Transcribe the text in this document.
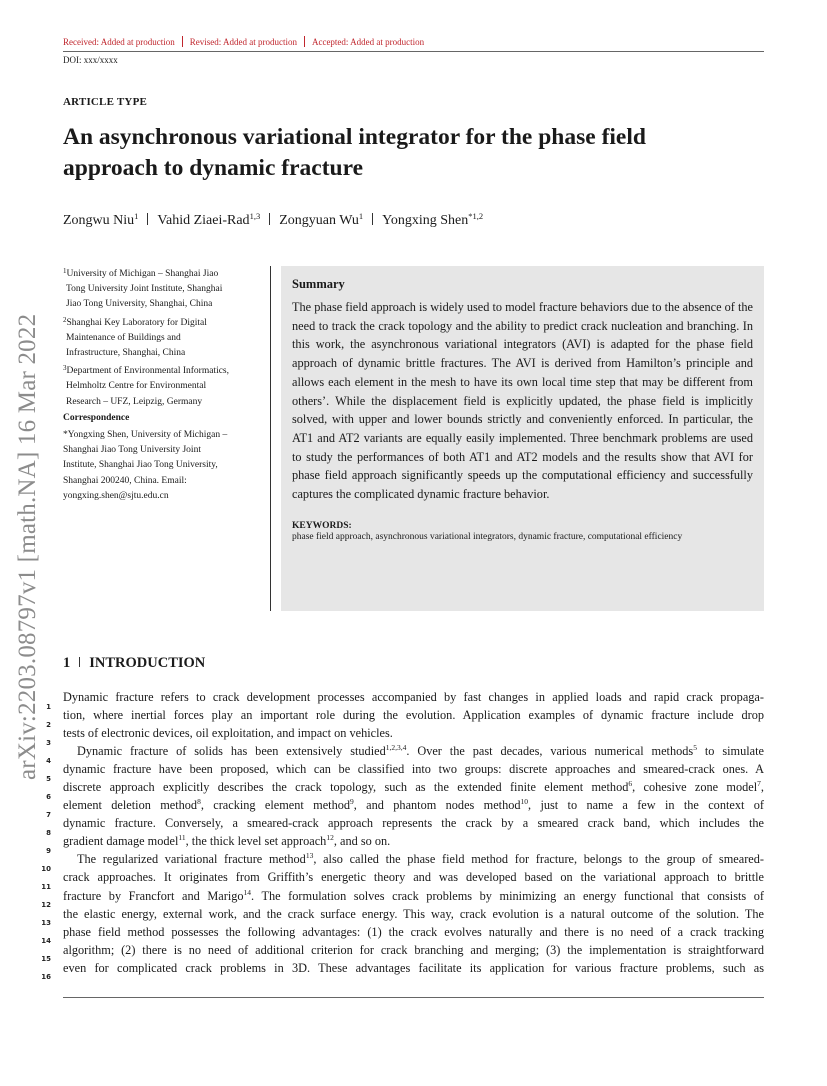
Received: Added at production Revised: Added at production Accepted: Added at production
DOI: xxx/xxxx
arXiv:2203.08797v1 [math.NA] 16 Mar 2022
ARTICLE TYPE
An asynchronous variational integrator for the phase field approach to dynamic fracture
Zongwu Niu$^1$ Vahid Ziaei-Rad$^{1,3}$ Zongyuan Wu$^1$ Yongxing Shen$^{*1,2}$
$^1$University of Michigan – Shanghai Jiao
Tong University Joint Institute, Shanghai
Jiao Tong University, Shanghai, China
$^2$Shanghai Key Laboratory for Digital
Maintenance of Buildings and
Infrastructure, Shanghai, China
$^3$Department of Environmental Informatics,
Helmholtz Centre for Environmental
Research – UFZ, Leipzig, Germany
Correspondence
*Yongxing Shen, University of Michigan –
Shanghai Jiao Tong University Joint
Institute, Shanghai Jiao Tong University,
Shanghai 200240, China. Email:
yongxing.shen@sjtu.edu.cn
Summary
The phase field approach is widely used to model fracture behaviors due to the absence of the need to track the crack topology and the ability to predict crack nucleation and branching. In this work, the asynchronous variational integrators (AVI) is adapted for the phase field approach of dynamic brittle fractures. The AVI is derived from Hamilton’s principle and allows each element in the mesh to have its own local time step that may be different from others’. While the displacement field is explicitly updated, the phase field is implicitly solved, with upper and lower bounds strictly and conveniently enforced. In particular, the AT1 and AT2 variants are equally easily implemented. Three benchmark problems are used to study the performances of both AT1 and AT2 models and the results show that AVI for phase field approach significantly speeds up the computational efficiency and successfully captures the complicated dynamic fracture behavior.
KEYWORDS:
phase field approach, asynchronous variational integrators, dynamic fracture, computational efficiency
1 INTRODUCTION
1
2
3
4
5
6
7
8
9
10
11
12
13
14
15
16
Dynamic fracture refers to crack development processes accompanied by fast changes in applied loads and rapid crack propaga-
tion, where inertial forces play an important role during the evolution. Application examples of dynamic fracture include drop
tests of electronic devices, oil exploitation, and impact on vehicles.
Dynamic fracture of solids has been extensively studied$^{1,2,3,4}$. Over the past decades, various numerical methods$^5$ to simulate
dynamic fracture have been proposed, which can be classified into two groups: discrete approaches and smeared-crack ones. A
discrete approach explicitly describes the crack topology, such as the extended finite element method$^6$, cohesive zone model$^7$,
element deletion method$^8$, cracking element method$^9$, and phantom nodes method$^{10}$, just to name a few in the context of
dynamic fracture. Conversely, a smeared-crack approach represents the crack by a smeared crack band, which includes the
gradient damage model$^{11}$, the thick level set approach$^{12}$, and so on.
The regularized variational fracture method$^{13}$, also called the phase field method for fracture, belongs to the group of smeared-
crack approaches. It originates from Griffith’s energetic theory and was developed based on the variational approach to brittle
fracture by Francfort and Marigo$^{14}$. The formulation solves crack problems by minimizing an energy functional that consists of
the elastic energy, external work, and the crack surface energy. This way, crack evolution is a natural outcome of the solution. The
phase field method possesses the following advantages: (1) the crack evolves naturally and there is no need of a crack tracking
algorithm; (2) there is no need of additional criterion for crack branching and merging; (3) the implementation is straightforward
even for complicated crack problems in 3D. These advantages facilitate its application for various fracture problems, such as
